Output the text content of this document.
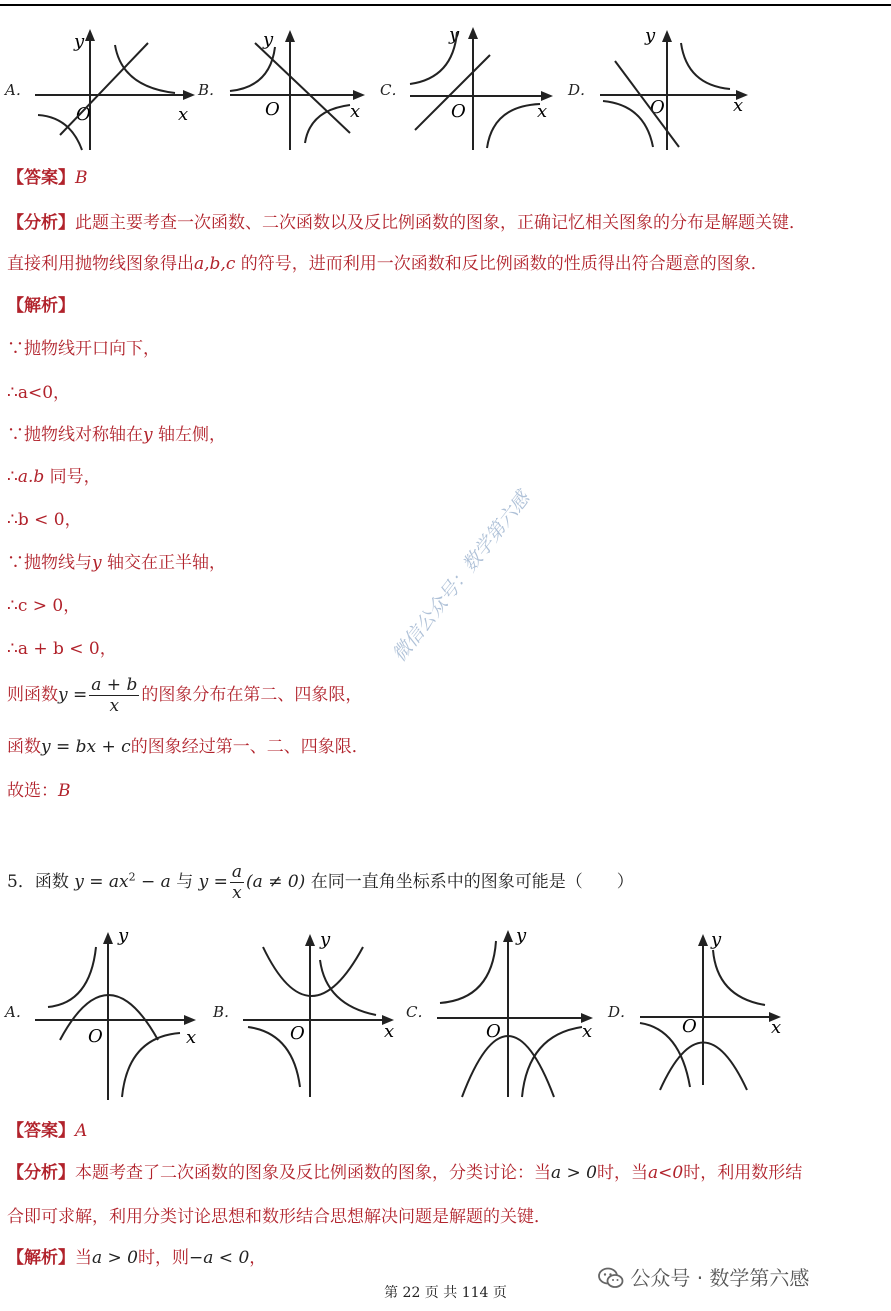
A．
y
x
O
B．
y
x
O
C．
y
x
O
D．
y
x
O
【答案】B
【分析】此题主要考查一次函数、二次函数以及反比例函数的图象，正确记忆相关图象的分布是解题关键．
直接利用抛物线图象得出a,b,c 的符号，进而利用一次函数和反比例函数的性质得出符合题意的图象．
【解析】
∵抛物线开口向下，
∴a<0，
∵抛物线对称轴在y 轴左侧，
∴a.b 同号，
∴b < 0，
∵抛物线与y 轴交在正半轴，
∴c > 0，
∴a + b < 0，
则函数$y = \frac{a + b}{x}$ 的图象分布在第二、四象限，
函数y = bx + c的图象经过第一、二、四象限．
故选：B
5．函数 $y = ax^2 - a$ 与 $y = \frac{a}{x} (a \ne 0)$ 在同一直角坐标系中的图象可能是（　　）
A．
y
x
O
B．
y
x
O
C．
y
x
O
D．
y
x
O
【答案】A
【分析】本题考查了二次函数的图象及反比例函数的图象，分类讨论：当a > 0时，当a<0时，利用数形结
合即可求解，利用分类讨论思想和数形结合思想解决问题是解题的关键．
【解析】当a > 0时，则−a < 0，
微信公众号：数学第六感
公众号 · 数学第六感
第 22 页 共 114 页
